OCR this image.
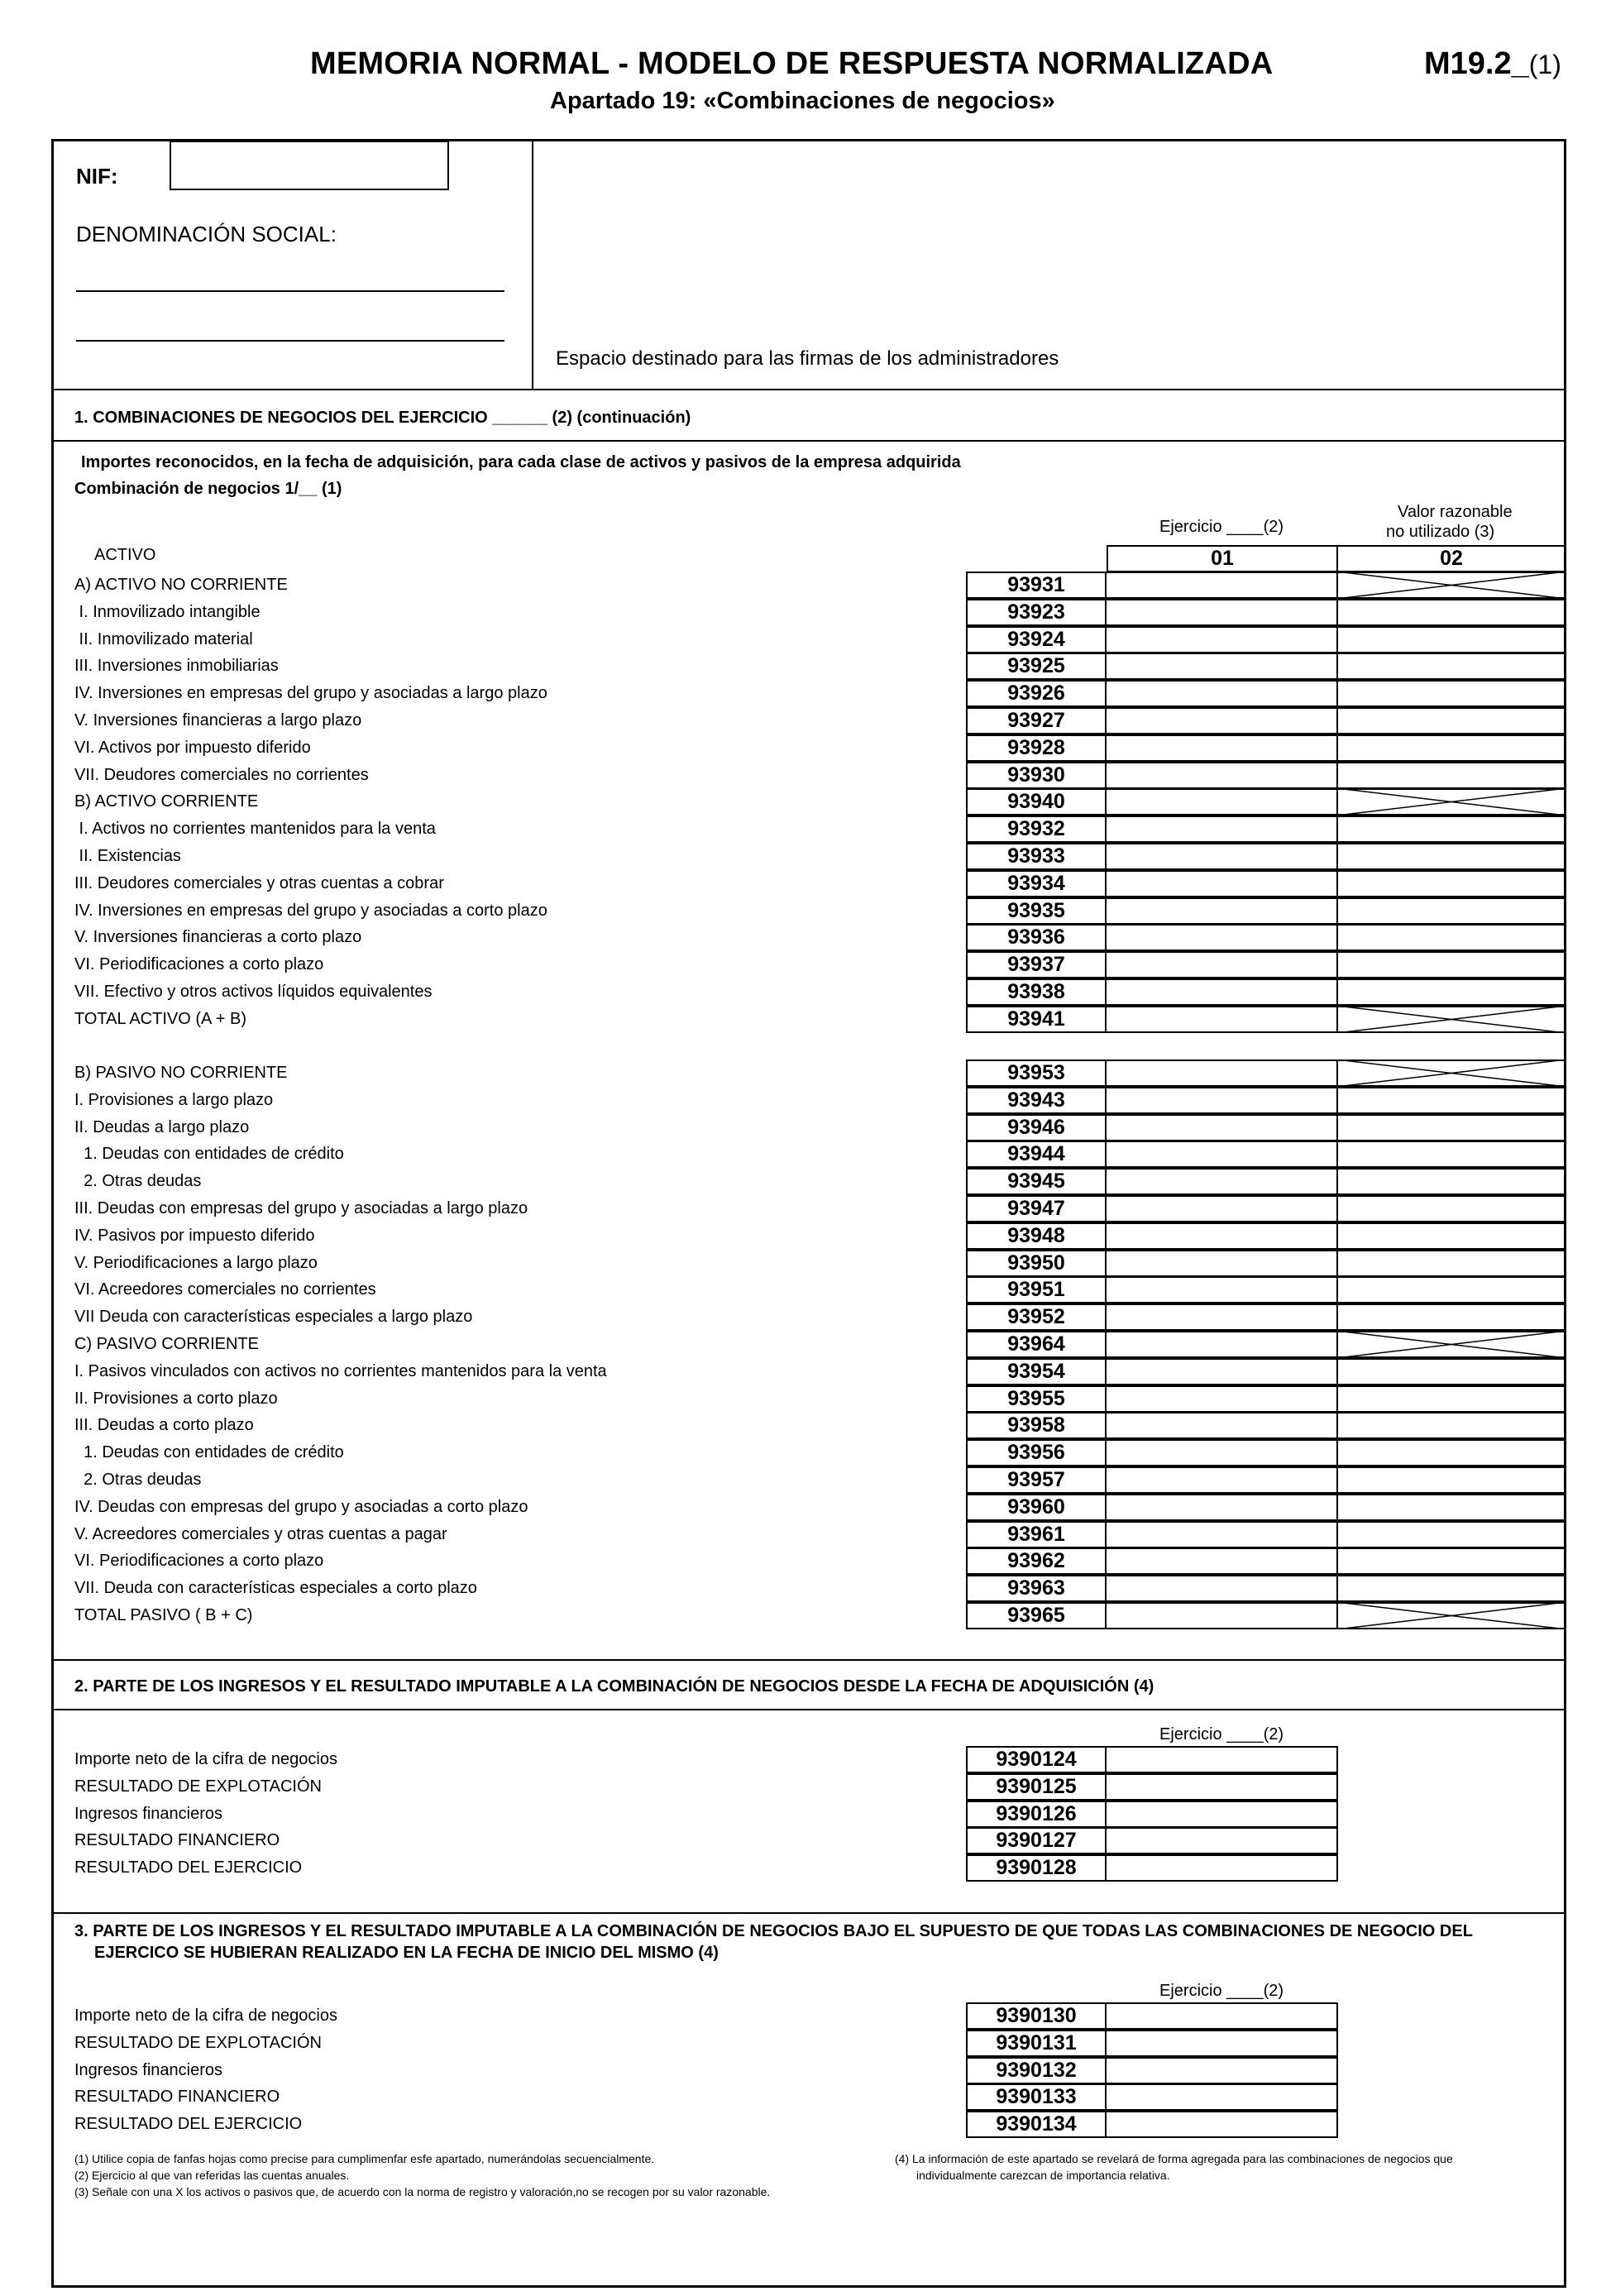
MEMORIA NORMAL - MODELO DE RESPUESTA NORMALIZADA
Apartado 19: «Combinaciones de negocios»
M19.2_(1)
NIF:
DENOMINACIÓN SOCIAL:
Espacio destinado para las firmas de los administradores
1. COMBINACIONES DE NEGOCIOS DEL EJERCICIO ______ (2) (continuación)
Importes reconocidos, en la fecha de adquisición, para cada clase de activos y pasivos de la empresa adquirida
Combinación de negocios 1/__ (1)
Ejercicio ____(2)
Valor razonable
no utilizado (3)
01	02
ACTIVO
A) ACTIVO NO CORRIENTE	93931
I. Inmovilizado intangible	93923
II. Inmovilizado material	93924
III. Inversiones inmobiliarias	93925
IV. Inversiones en empresas del grupo y asociadas a largo plazo	93926
V. Inversiones financieras a largo plazo	93927
VI. Activos por impuesto diferido	93928
VII. Deudores comerciales no corrientes	93930
B) ACTIVO CORRIENTE	93940
I. Activos no corrientes mantenidos para la venta	93932
II. Existencias	93933
III. Deudores comerciales y otras cuentas a cobrar	93934
IV. Inversiones en empresas del grupo y asociadas a corto plazo	93935
V. Inversiones financieras a corto plazo	93936
VI. Periodificaciones a corto plazo	93937
VII. Efectivo y otros activos líquidos equivalentes	93938
TOTAL ACTIVO (A + B)	93941
B) PASIVO NO CORRIENTE	93953
I. Provisiones a largo plazo	93943
II. Deudas a largo plazo	93946
1. Deudas con entidades de crédito	93944
2. Otras deudas	93945
III. Deudas con empresas del grupo y asociadas a largo plazo	93947
IV. Pasivos por impuesto diferido	93948
V. Periodificaciones a largo plazo	93950
VI. Acreedores comerciales no corrientes	93951
VII Deuda con características especiales a largo plazo	93952
C) PASIVO CORRIENTE	93964
I. Pasivos vinculados con activos no corrientes mantenidos para la venta	93954
II. Provisiones a corto plazo	93955
III. Deudas a corto plazo	93958
1. Deudas con entidades de crédito	93956
2. Otras deudas	93957
IV. Deudas con empresas del grupo y asociadas a corto plazo	93960
V. Acreedores comerciales y otras cuentas a pagar	93961
VI. Periodificaciones a corto plazo	93962
VII. Deuda con características especiales a corto plazo	93963
TOTAL PASIVO ( B + C)	93965
2. PARTE DE LOS INGRESOS Y EL RESULTADO IMPUTABLE A LA COMBINACIÓN DE NEGOCIOS DESDE LA FECHA DE ADQUISICIÓN (4)
Ejercicio ____(2)
Importe neto de la cifra de negocios	9390124
RESULTADO DE EXPLOTACIÓN	9390125
Ingresos financieros	9390126
RESULTADO FINANCIERO	9390127
RESULTADO DEL EJERCICIO	9390128
3. PARTE DE LOS INGRESOS Y EL RESULTADO IMPUTABLE A LA COMBINACIÓN DE NEGOCIOS BAJO EL SUPUESTO DE QUE TODAS LAS COMBINACIONES DE NEGOCIO DEL
EJERCICO SE HUBIERAN REALIZADO EN LA FECHA DE INICIO DEL MISMO (4)
Ejercicio ____(2)
Importe neto de la cifra de negocios	9390130
RESULTADO DE EXPLOTACIÓN	9390131
Ingresos financieros	9390132
RESULTADO FINANCIERO	9390133
RESULTADO DEL EJERCICIO	9390134
(1) Utilice copia de fanfas hojas como precise para cumplimenfar esfe apartado, numerándolas secuencialmente.
(2) Ejercicio al que van referidas las cuentas anuales.
(3) Señale con una X los activos o pasivos que, de acuerdo con la norma de registro y valoración,no se recogen por su valor razonable.
(4) La información de este apartado se revelará de forma agregada para las combinaciones de negocios que
individualmente carezcan de importancia relativa.
